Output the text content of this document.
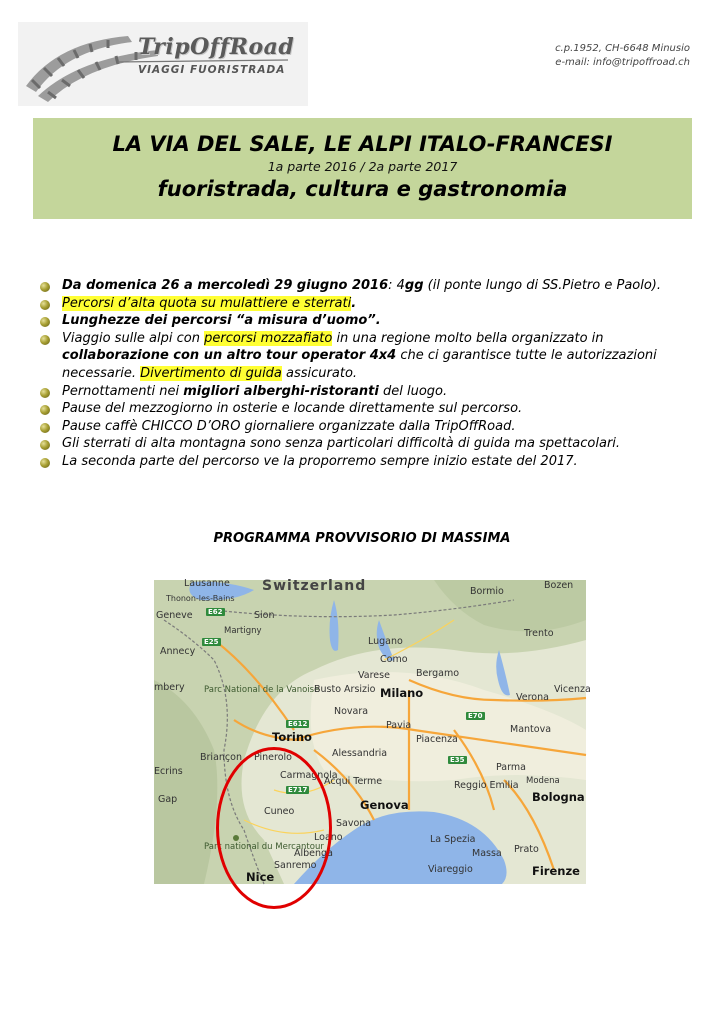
TripOffRoad
VIAGGI FUORISTRADA
c.p.1952, CH-6648 Minusio
e-mail: info@tripoffroad.ch
LA VIA DEL SALE, LE ALPI ITALO-FRANCESI
1a parte 2016 / 2a parte 2017
fuoristrada, cultura e gastronomia
Da domenica 26 a mercoledì 29 giugno 2016: 4gg (il ponte lungo di SS.Pietro e Paolo).
Percorsi d’alta quota su mulattiere e sterrati.
Lunghezze dei percorsi “a misura d’uomo”.
Viaggio sulle alpi con percorsi mozzafiato in una regione molto bella organizzato in collaborazione con un altro tour operator 4x4 che ci garantisce tutte le autorizzazioni necessarie. Divertimento di guida assicurato.
Pernottamenti nei migliori alberghi-ristoranti del luogo.
Pause del mezzogiorno in osterie e locande direttamente sul percorso.
Pause caffè CHICCO D’ORO giornaliere organizzate dalla TripOffRoad.
Gli sterrati di alta montagna sono senza particolari difficoltà di guida ma spettacolari.
La seconda parte del percorso ve la proporremo sempre inizio estate del 2017.
PROGRAMMA PROVVISORIO DI MASSIMA
Switzerland
Lausanne
Thonon-les-Bains
Geneve
Martigny
Sion
Annecy
mbery Parc National de la Vanoise
Lugano
Como
Varese	Bergamo
Busto Arsizio Milano
Novara
Pavia
Torino
Alessandria
Piacenza
Parma
Pinerolo
Carmagnola
Acqui Terme	Reggio Emilia
Bologna
Genova
Savona
Cuneo
Loano
Albenga
Sanremo
Nice
Parc national du Mercantour
La Spezia
Massa
Viareggio	Firenze
Prato
Trento
Bozen
Bormio
Verona
Vicenza
Mantova
Modena
Gap
Briançon
Ecrins
E62
E25
E612
E717
E70
E35
